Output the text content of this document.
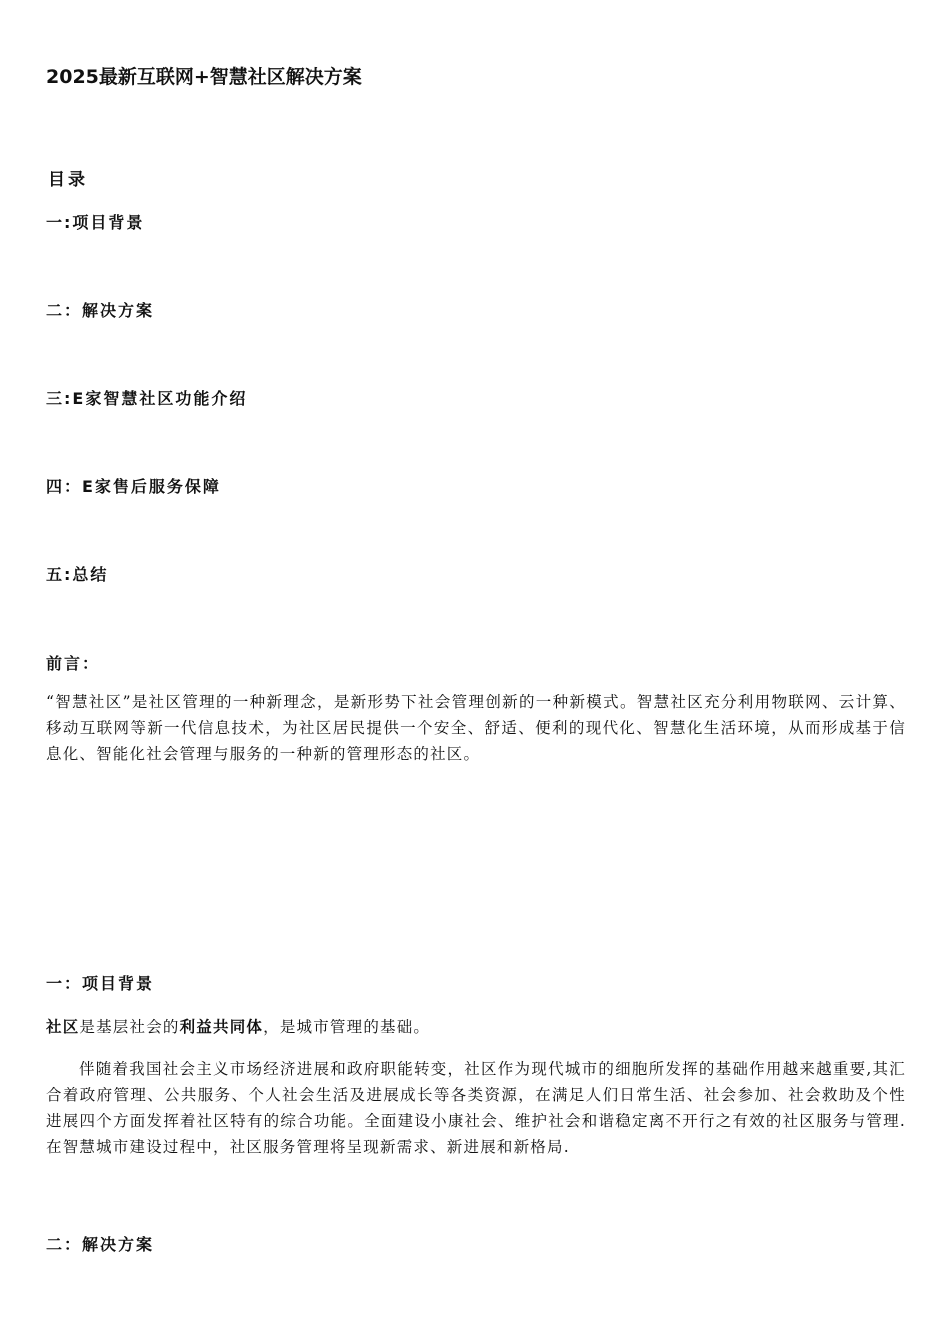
2025最新互联网+智慧社区解决方案
目录
一:项目背景
二：解决方案
三:E家智慧社区功能介绍
四：E家售后服务保障
五:总结
前言：
“智慧社区”是社区管理的一种新理念，是新形势下社会管理创新的一种新模式。智慧社区充分利用物联网、云计算、移动互联网等新一代信息技术，为社区居民提供一个安全、舒适、便利的现代化、智慧化生活环境，从而形成基于信息化、智能化社会管理与服务的一种新的管理形态的社区。
一：项目背景
社区是基层社会的利益共同体，是城市管理的基础。
伴随着我国社会主义市场经济进展和政府职能转变，社区作为现代城市的细胞所发挥的基础作用越来越重要,其汇合着政府管理、公共服务、个人社会生活及进展成长等各类资源，在满足人们日常生活、社会参加、社会救助及个性进展四个方面发挥着社区特有的综合功能。全面建设小康社会、维护社会和谐稳定离不开行之有效的社区服务与管理.在智慧城市建设过程中，社区服务管理将呈现新需求、新进展和新格局.
二：解决方案
